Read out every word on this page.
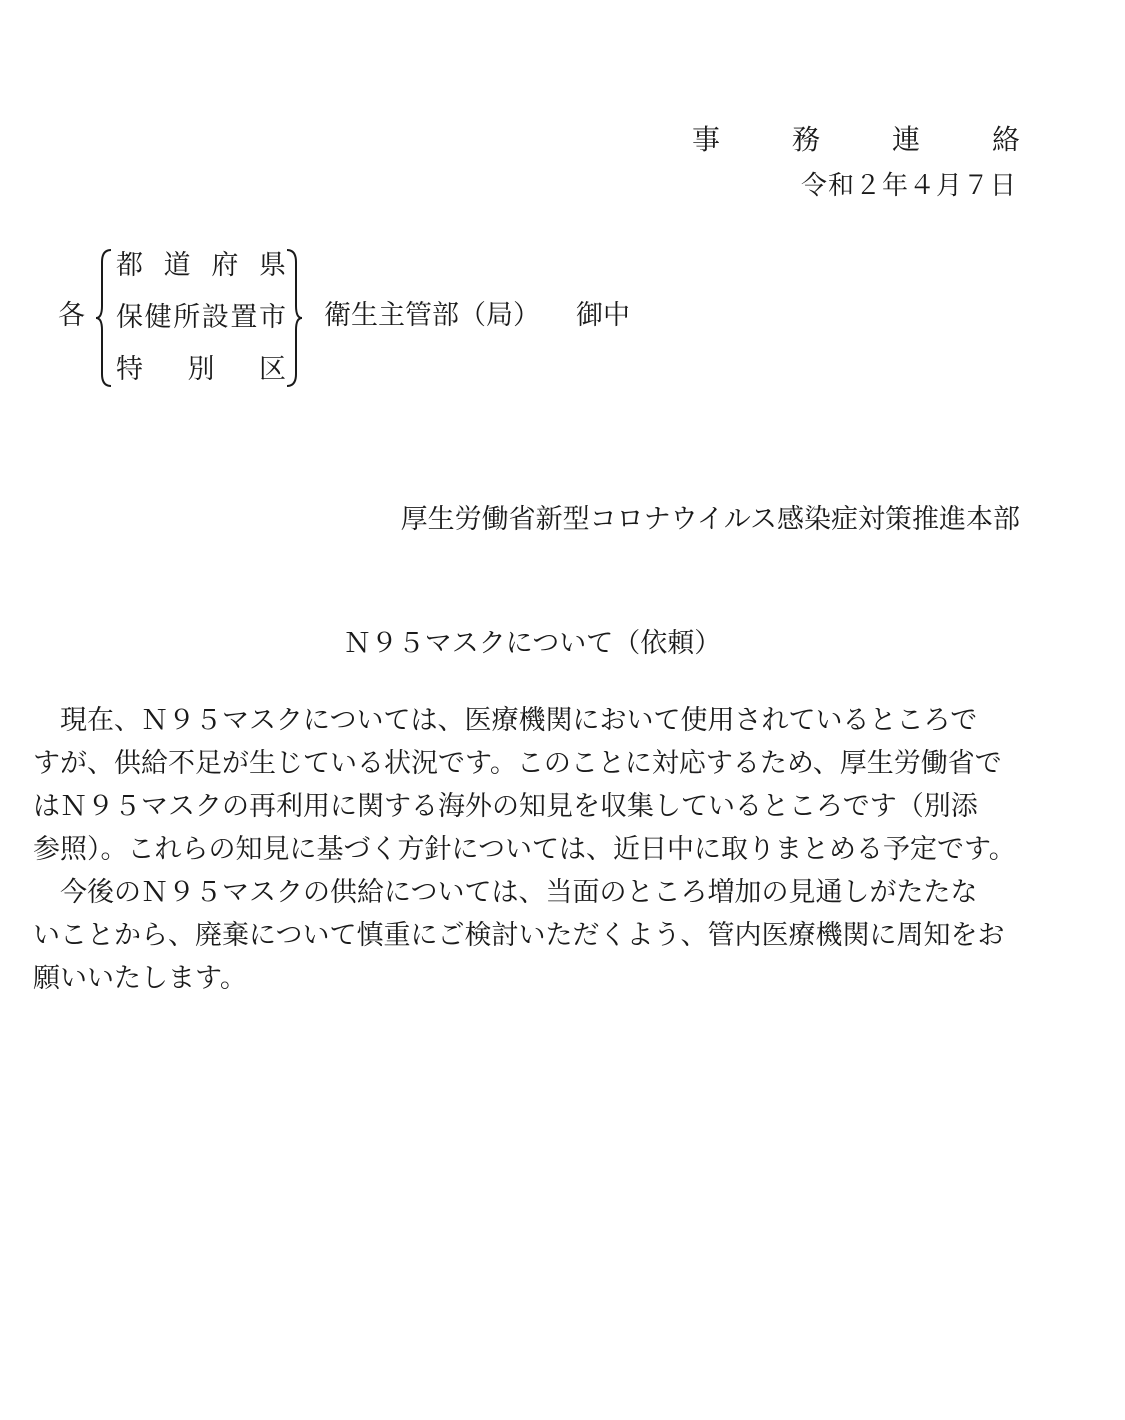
事　務　連　絡
令和２年４月７日
各
都 道 府 県
保 健 所 設 置 市
特 別 区
衛生主管部（局） 御中
厚生労働省新型コロナウイルス感染症対策推進本部
Ｎ９５マスクについて（依頼）
　現在、Ｎ９５マスクについては、医療機関において使用されているところで
すが、供給不足が生じている状況です。このことに対応するため、厚生労働省で
はＮ９５マスクの再利用に関する海外の知見を収集しているところです（別添
参照）。これらの知見に基づく方針については、近日中に取りまとめる予定です。
　今後のＮ９５マスクの供給については、当面のところ増加の見通しがたたな
いことから、廃棄について慎重にご検討いただくよう、管内医療機関に周知をお
願いいたします。
